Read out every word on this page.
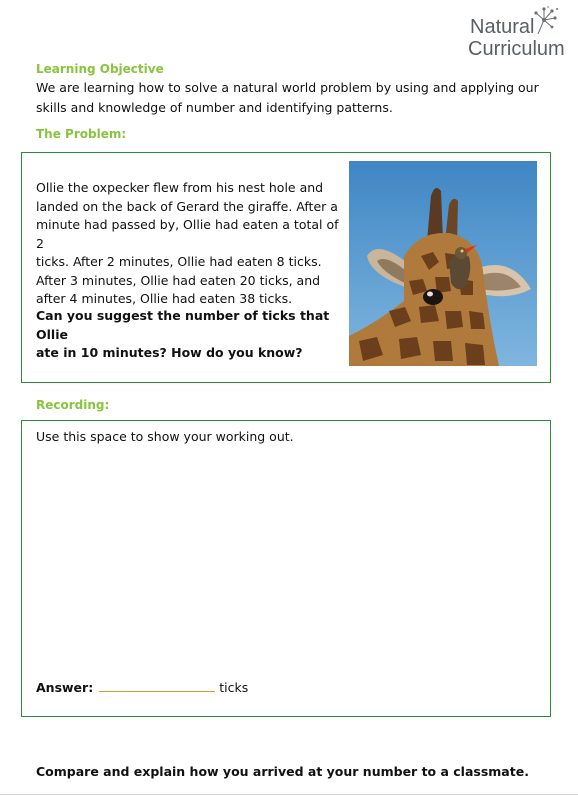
Natural
Curriculum
Learning Objective
We are learning how to solve a natural world problem by using and applying our
skills and knowledge of number and identifying patterns.
The Problem:
Ollie the oxpecker flew from his nest hole and
landed on the back of Gerard the giraffe. After a
minute had passed by, Ollie had eaten a total of 2
ticks. After 2 minutes, Ollie had eaten 8 ticks.
After 3 minutes, Ollie had eaten 20 ticks, and
after 4 minutes, Ollie had eaten 38 ticks.
Can you suggest the number of ticks that Ollie
ate in 10 minutes? How do you know?
Recording:
Use this space to show your working out.
Answer:	ticks
Compare and explain how you arrived at your number to a classmate.
